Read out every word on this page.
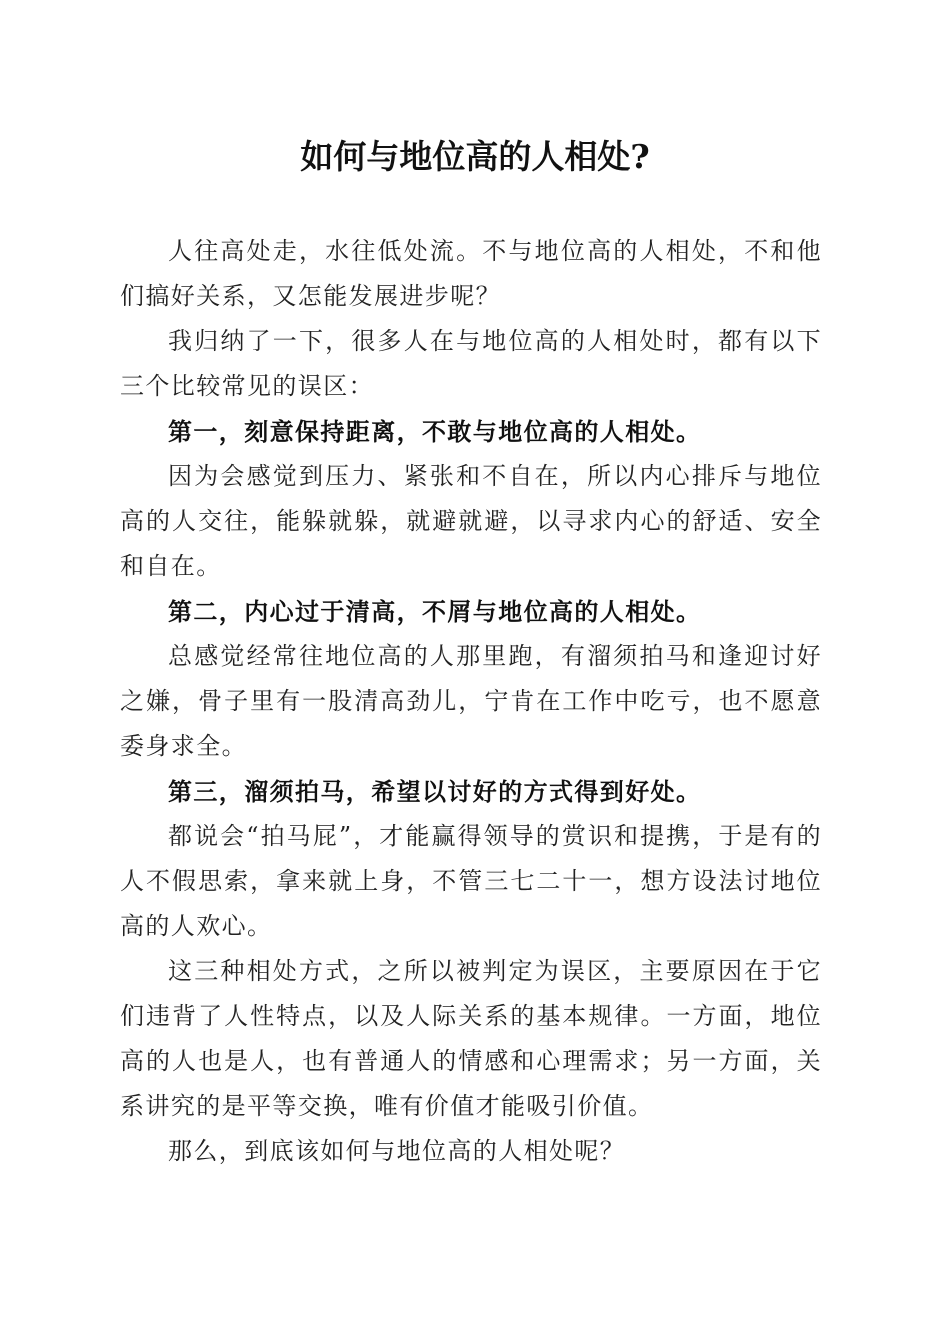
如何与地位高的人相处?

人往高处走，水往低处流。不与地位高的人相处，不和他们搞好关系，又怎能发展进步呢？

我归纳了一下，很多人在与地位高的人相处时，都有以下三个比较常见的误区：

第一，刻意保持距离，不敢与地位高的人相处。

因为会感觉到压力、紧张和不自在，所以内心排斥与地位高的人交往，能躲就躲，就避就避，以寻求内心的舒适、安全和自在。

第二，内心过于清高，不屑与地位高的人相处。

总感觉经常往地位高的人那里跑，有溜须拍马和逢迎讨好之嫌，骨子里有一股清高劲儿，宁肯在工作中吃亏，也不愿意委身求全。

第三，溜须拍马，希望以讨好的方式得到好处。

都说会“拍马屁”，才能赢得领导的赏识和提携，于是有的人不假思索，拿来就上身，不管三七二十一，想方设法讨地位高的人欢心。

这三种相处方式，之所以被判定为误区，主要原因在于它们违背了人性特点，以及人际关系的基本规律。一方面，地位高的人也是人，也有普通人的情感和心理需求；另一方面，关系讲究的是平等交换，唯有价值才能吸引价值。

那么，到底该如何与地位高的人相处呢？
